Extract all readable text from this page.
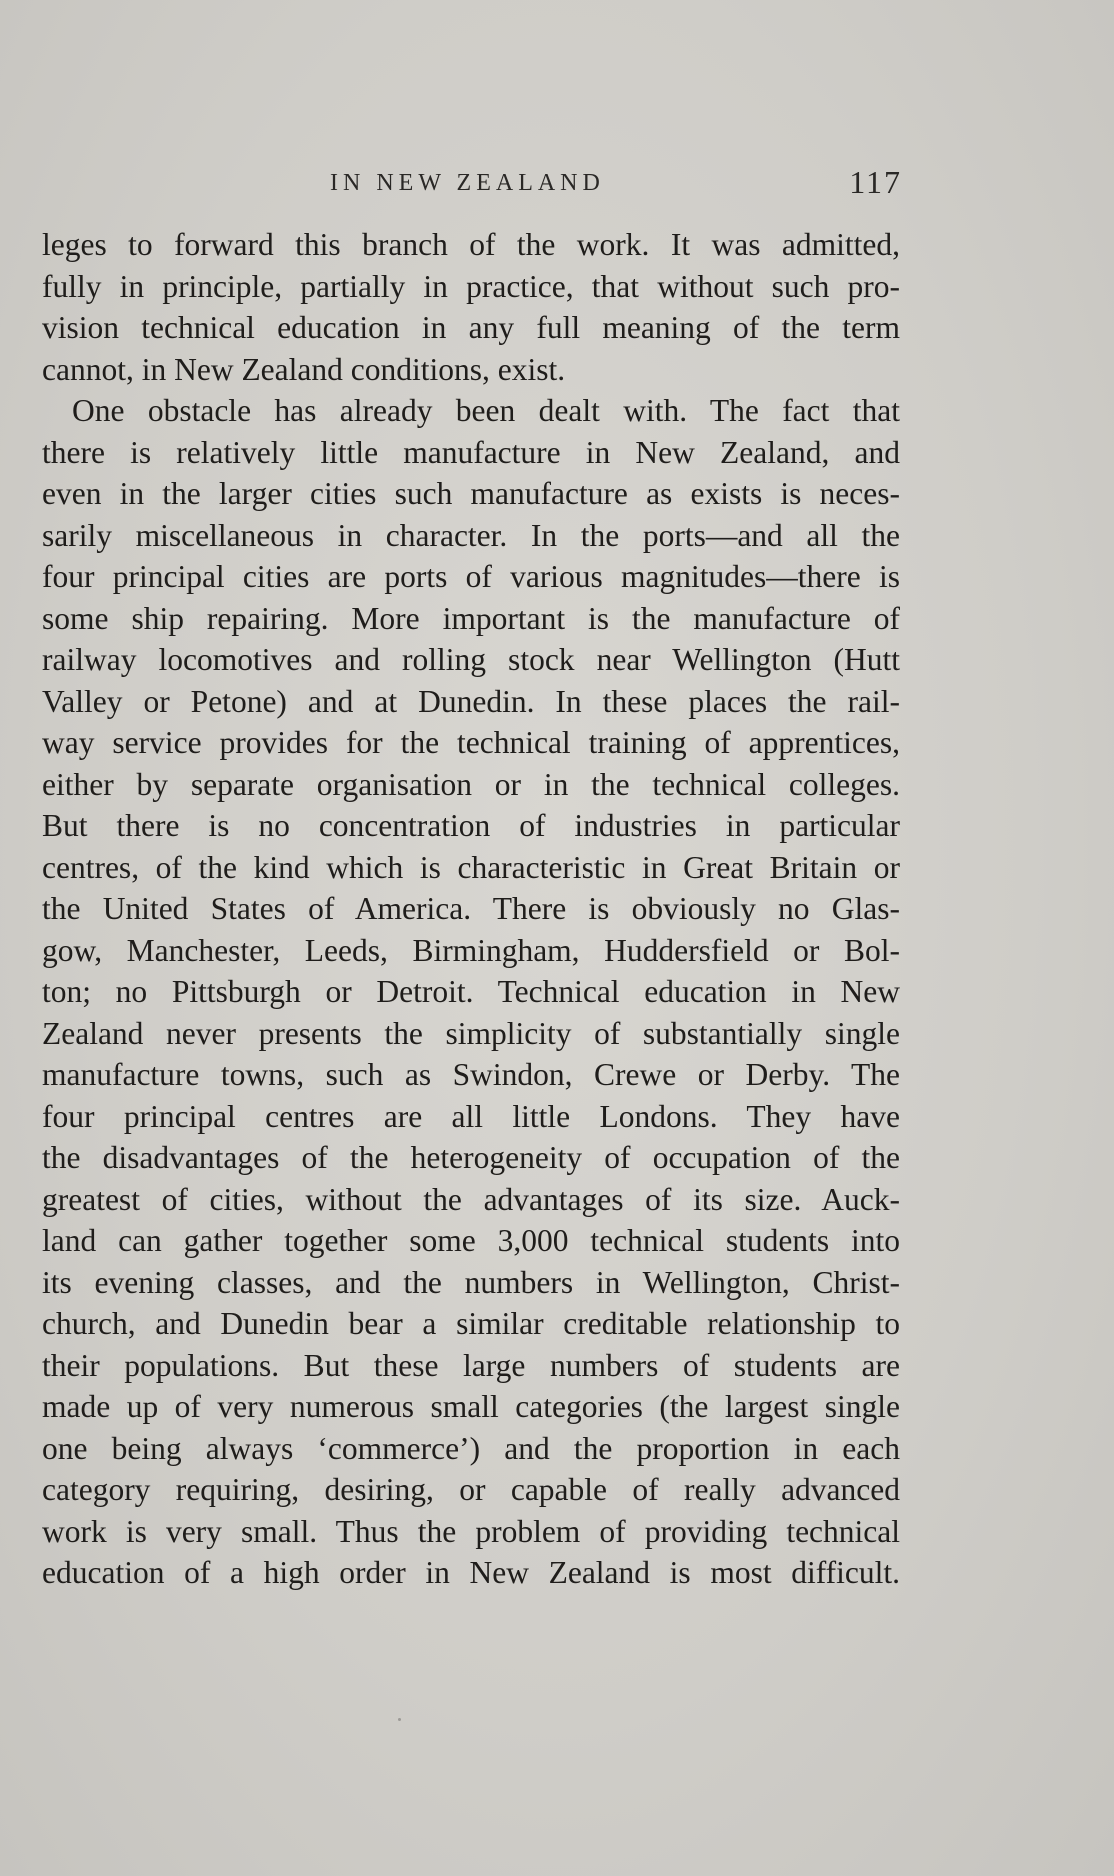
IN NEW ZEALAND	117
leges to forward this branch of the work. It was admitted,
fully in principle, partially in practice, that without such pro-
vision technical education in any full meaning of the term
cannot, in New Zealand conditions, exist.
One obstacle has already been dealt with. The fact that
there is relatively little manufacture in New Zealand, and
even in the larger cities such manufacture as exists is neces-
sarily miscellaneous in character. In the ports—and all the
four principal cities are ports of various magnitudes—there is
some ship repairing. More important is the manufacture of
railway locomotives and rolling stock near Wellington (Hutt
Valley or Petone) and at Dunedin. In these places the rail-
way service provides for the technical training of apprentices,
either by separate organisation or in the technical colleges.
But there is no concentration of industries in particular
centres, of the kind which is characteristic in Great Britain or
the United States of America. There is obviously no Glas-
gow, Manchester, Leeds, Birmingham, Huddersfield or Bol-
ton; no Pittsburgh or Detroit. Technical education in New
Zealand never presents the simplicity of substantially single
manufacture towns, such as Swindon, Crewe or Derby. The
four principal centres are all little Londons. They have
the disadvantages of the heterogeneity of occupation of the
greatest of cities, without the advantages of its size. Auck-
land can gather together some 3,000 technical students into
its evening classes, and the numbers in Wellington, Christ-
church, and Dunedin bear a similar creditable relationship to
their populations. But these large numbers of students are
made up of very numerous small categories (the largest single
one being always ‘commerce’) and the proportion in each
category requiring, desiring, or capable of really advanced
work is very small. Thus the problem of providing technical
education of a high order in New Zealand is most difficult.
